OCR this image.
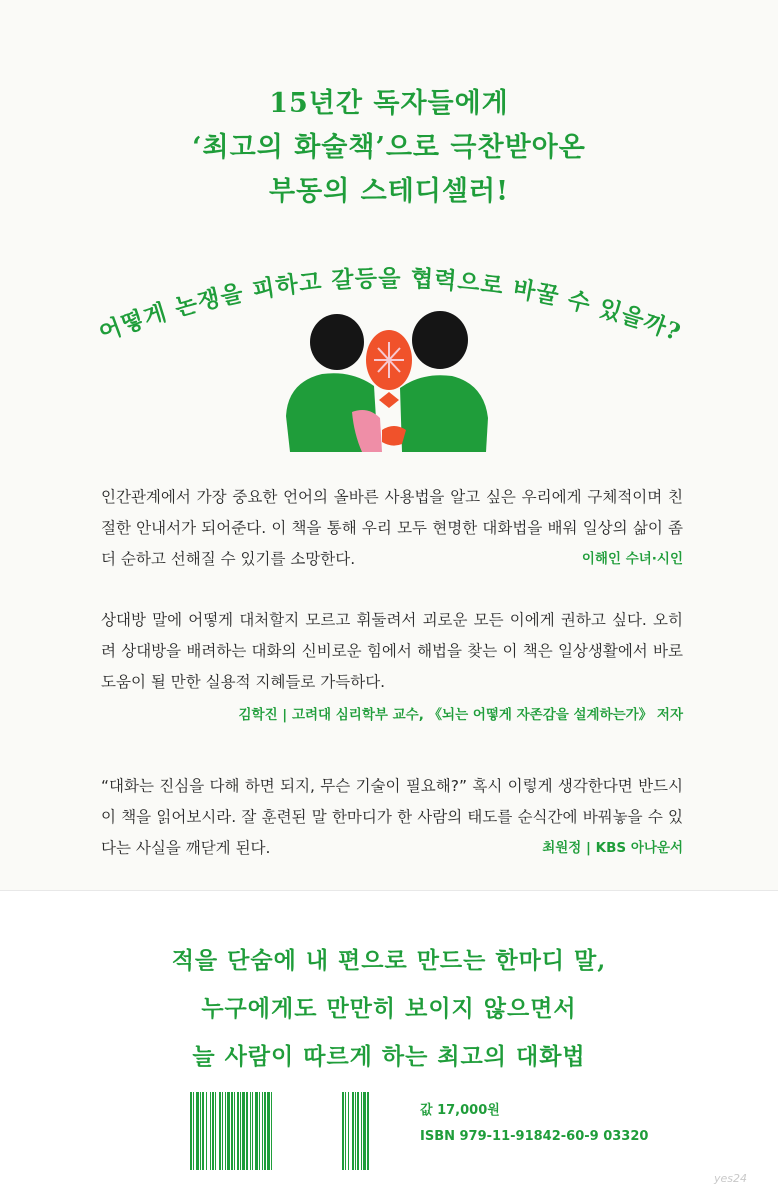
15년간 독자들에게
‘최고의 화술책’으로 극찬받아온
부동의 스테디셀러!
어떻게 논쟁을 피하고 갈등을 협력으로 바꿀 수 있을까?

인간관계에서 가장 중요한 언어의 올바른 사용법을 알고 싶은 우리에게 구체적이며 친절한 안내서가 되어준다. 이 책을 통해 우리 모두 현명한 대화법을 배워 일상의 삶이 좀 더 순하고 선해질 수 있기를 소망한다.	이해인 수녀·시인

상대방 말에 어떻게 대처할지 모르고 휘둘려서 괴로운 모든 이에게 권하고 싶다. 오히려 상대방을 배려하는 대화의 신비로운 힘에서 해법을 찾는 이 책은 일상생활에서 바로 도움이 될 만한 실용적 지혜들로 가득하다.

김학진 | 고려대 심리학부 교수, 《뇌는 어떻게 자존감을 설계하는가》 저자

“대화는 진심을 다해 하면 되지, 무슨 기술이 필요해?” 혹시 이렇게 생각한다면 반드시 이 책을 읽어보시라. 잘 훈련된 말 한마디가 한 사람의 태도를 순식간에 바꿔놓을 수 있다는 사실을 깨닫게 된다.	최원정 | KBS 아나운서
적을 단숨에 내 편으로 만드는 한마디 말,
누구에게도 만만히 보이지 않으면서
늘 사람이 따르게 하는 최고의 대화법
값 17,000원
ISBN 979-11-91842-60-9 03320
yes24
